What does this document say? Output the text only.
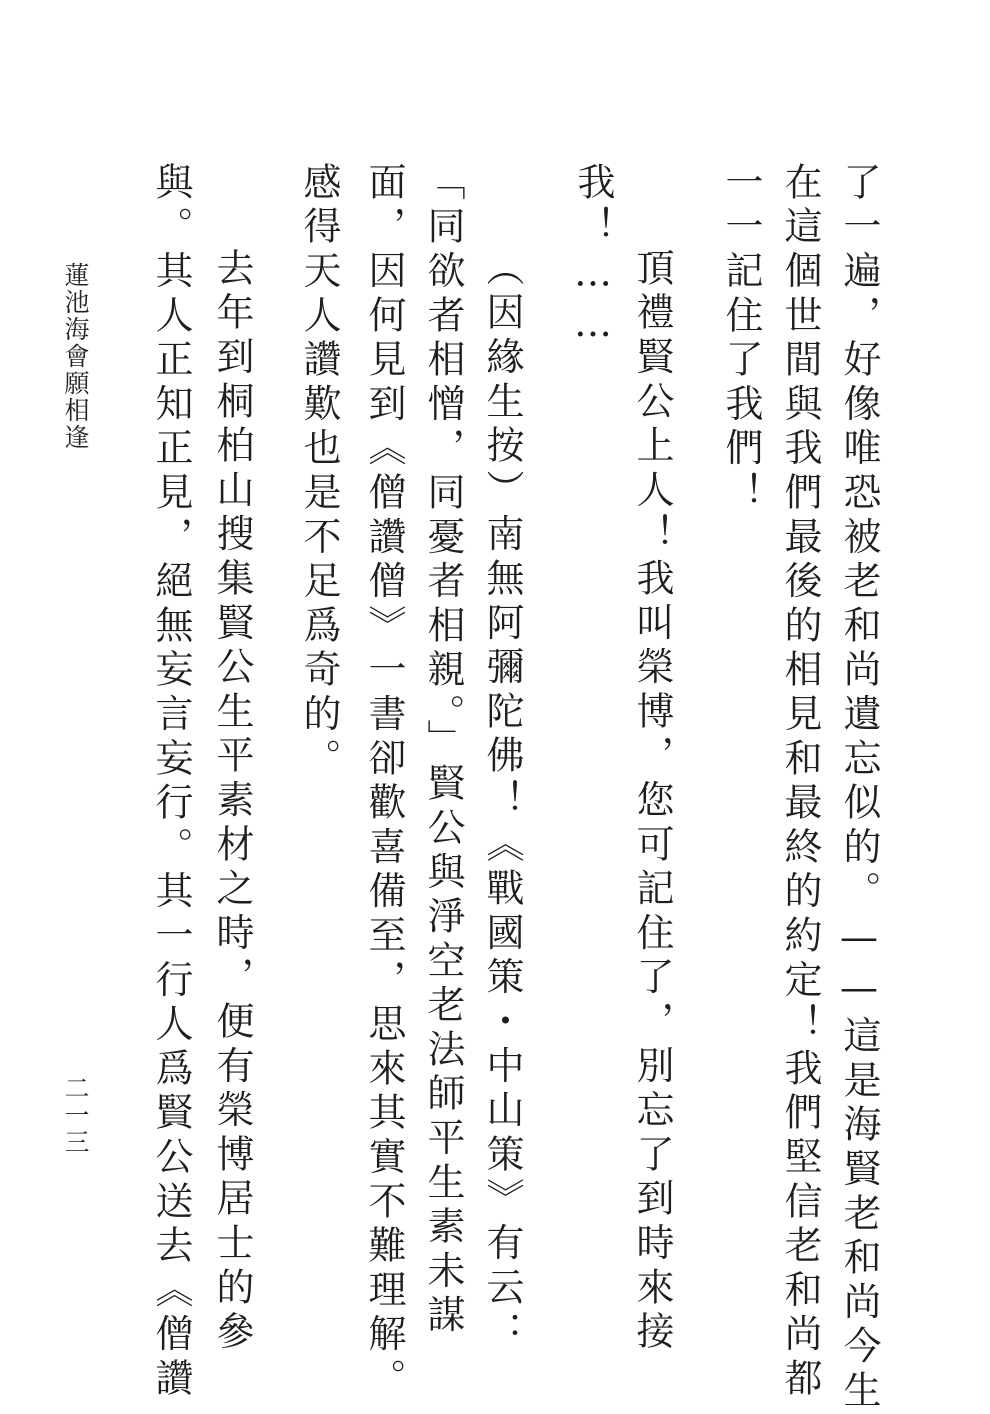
了一遍，好像唯恐被老和尚遺忘似的。——這是海賢老和尚今生
在這個世間與我們最後的相見和最終的約定！我們堅信老和尚都
一一記住了我們！
頂禮賢公上人！我叫榮博，您可記住了，別忘了到時來接
我！……
（因緣生按）南無阿彌陀佛！《戰國策・中山策》有云：
「同欲者相憎，同憂者相親。」賢公與淨空老法師平生素未謀
面，因何見到《僧讚僧》一書卻歡喜備至，思來其實不難理解。
感得天人讚歎也是不足爲奇的。
去年到桐柏山搜集賢公生平素材之時，便有榮博居士的參
與。其人正知正見，絕無妄言妄行。其一行人爲賢公送去《僧讚
蓮池海會願相逢
二一三
